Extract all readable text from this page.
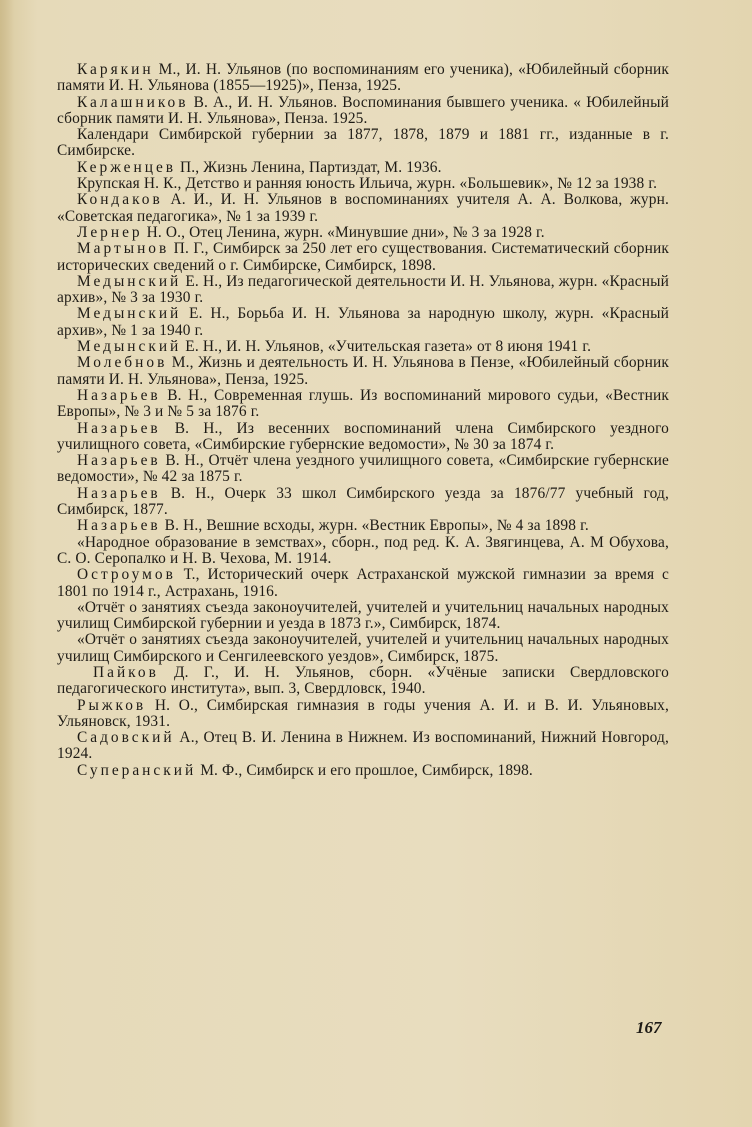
Карякин М., И. Н. Ульянов (по воспоминаниям его ученика), «Юбилейный сборник памяти И. Н. Ульянова (1855—1925)», Пенза, 1925.

Калашников В. А., И. Н. Ульянов. Воспоминания бывшего ученика. « Юбилейный сборник памяти И. Н. Ульянова», Пенза. 1925.

Календари Симбирской губернии за 1877, 1878, 1879 и 1881 гг., изданные в г. Симбирске.

Керженцев П., Жизнь Ленина, Партиздат, М. 1936.

Крупская Н. К., Детство и ранняя юность Ильича, журн. «Большевик», № 12 за 1938 г.

Кондаков А. И., И. Н. Ульянов в воспоминаниях учителя А. А. Волкова, журн. «Советская педагогика», № 1 за 1939 г.

Лернер Н. О., Отец Ленина, журн. «Минувшие дни», № 3 за 1928 г.

Мартынов П. Г., Симбирск за 250 лет его существования. Систематический сборник исторических сведений о г. Симбирске, Симбирск, 1898.

Медынский Е. Н., Из педагогической деятельности И. Н. Ульянова, журн. «Красный архив», № 3 за 1930 г.

Медынский Е. Н., Борьба И. Н. Ульянова за народную школу, журн. «Красный архив», № 1 за 1940 г.

Медынский Е. Н., И. Н. Ульянов, «Учительская газета» от 8 июня 1941 г.

Молебнов М., Жизнь и деятельность И. Н. Ульянова в Пензе, «Юбилейный сборник памяти И. Н. Ульянова», Пенза, 1925.

Назарьев В. Н., Современная глушь. Из воспоминаний мирового судьи, «Вестник Европы», № 3 и № 5 за 1876 г.

Назарьев В. Н., Из весенних воспоминаний члена Симбирского уездного училищного совета, «Симбирские губернские ведомости», № 30 за 1874 г.

Назарьев В. Н., Отчёт члена уездного училищного совета, «Симбирские губернские ведомости», № 42 за 1875 г.

Назарьев В. Н., Очерк 33 школ Симбирского уезда за 1876/77 учебный год, Симбирск, 1877.

Назарьев В. Н., Вешние всходы, журн. «Вестник Европы», № 4 за 1898 г.

«Народное образование в земствах», сборн., под ред. К. А. Звягинцева, А. М Обухова, С. О. Серопалко и Н. В. Чехова, М. 1914.

Остроумов Т., Исторический очерк Астраханской мужской гимназии за время с 1801 по 1914 г., Астрахань, 1916.

«Отчёт о занятиях съезда законоучителей, учителей и учительниц начальных народных училищ Симбирской губернии и уезда в 1873 г.», Симбирск, 1874.

«Отчёт о занятиях съезда законоучителей, учителей и учительниц начальных народных училищ Симбирского и Сенгилеевского уездов», Симбирск, 1875.

Пайков Д. Г., И. Н. Ульянов, сборн. «Учёные записки Свердловского педагогического института», вып. 3, Свердловск, 1940.

Рыжков Н. О., Симбирская гимназия в годы учения А. И. и В. И. Ульяновых, Ульяновск, 1931.

Садовский А., Отец В. И. Ленина в Нижнем. Из воспоминаний, Нижний Новгород, 1924.

Суперанский М. Ф., Симбирск и его прошлое, Симбирск, 1898.

167
